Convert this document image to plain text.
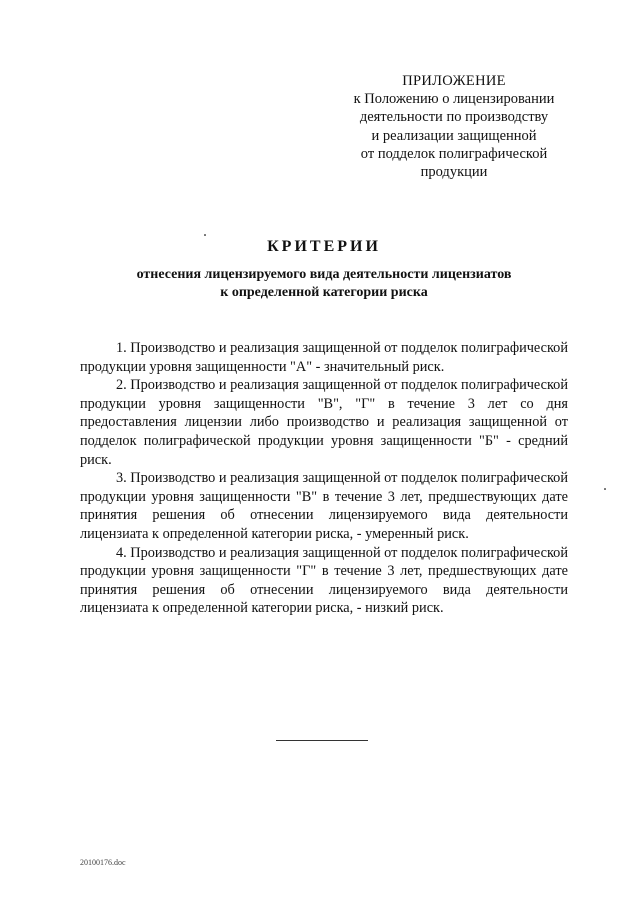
ПРИЛОЖЕНИЕ
к Положению о лицензировании
деятельности по производству
и реализации защищенной
от подделок полиграфической
продукции
КРИТЕРИИ
отнесения лицензируемого вида деятельности лицензиатов
к определенной категории риска

1. Производство и реализация защищенной от подделок полиграфической продукции уровня защищенности "А" - значительный риск.

2. Производство и реализация защищенной от подделок полиграфической продукции уровня защищенности "В", "Г" в течение 3 лет со дня предоставления лицензии либо производство и реализация защищенной от подделок полиграфической продукции уровня защищенности "Б" - средний риск.

3. Производство и реализация защищенной от подделок полиграфической продукции уровня защищенности "В" в течение 3 лет, предшествующих дате принятия решения об отнесении лицензируемого вида деятельности лицензиата к определенной категории риска, - умеренный риск.

4. Производство и реализация защищенной от подделок полиграфической продукции уровня защищенности "Г" в течение 3 лет, предшествующих дате принятия решения об отнесении лицензируемого вида деятельности лицензиата к определенной категории риска, - низкий риск.

20100176.doc
